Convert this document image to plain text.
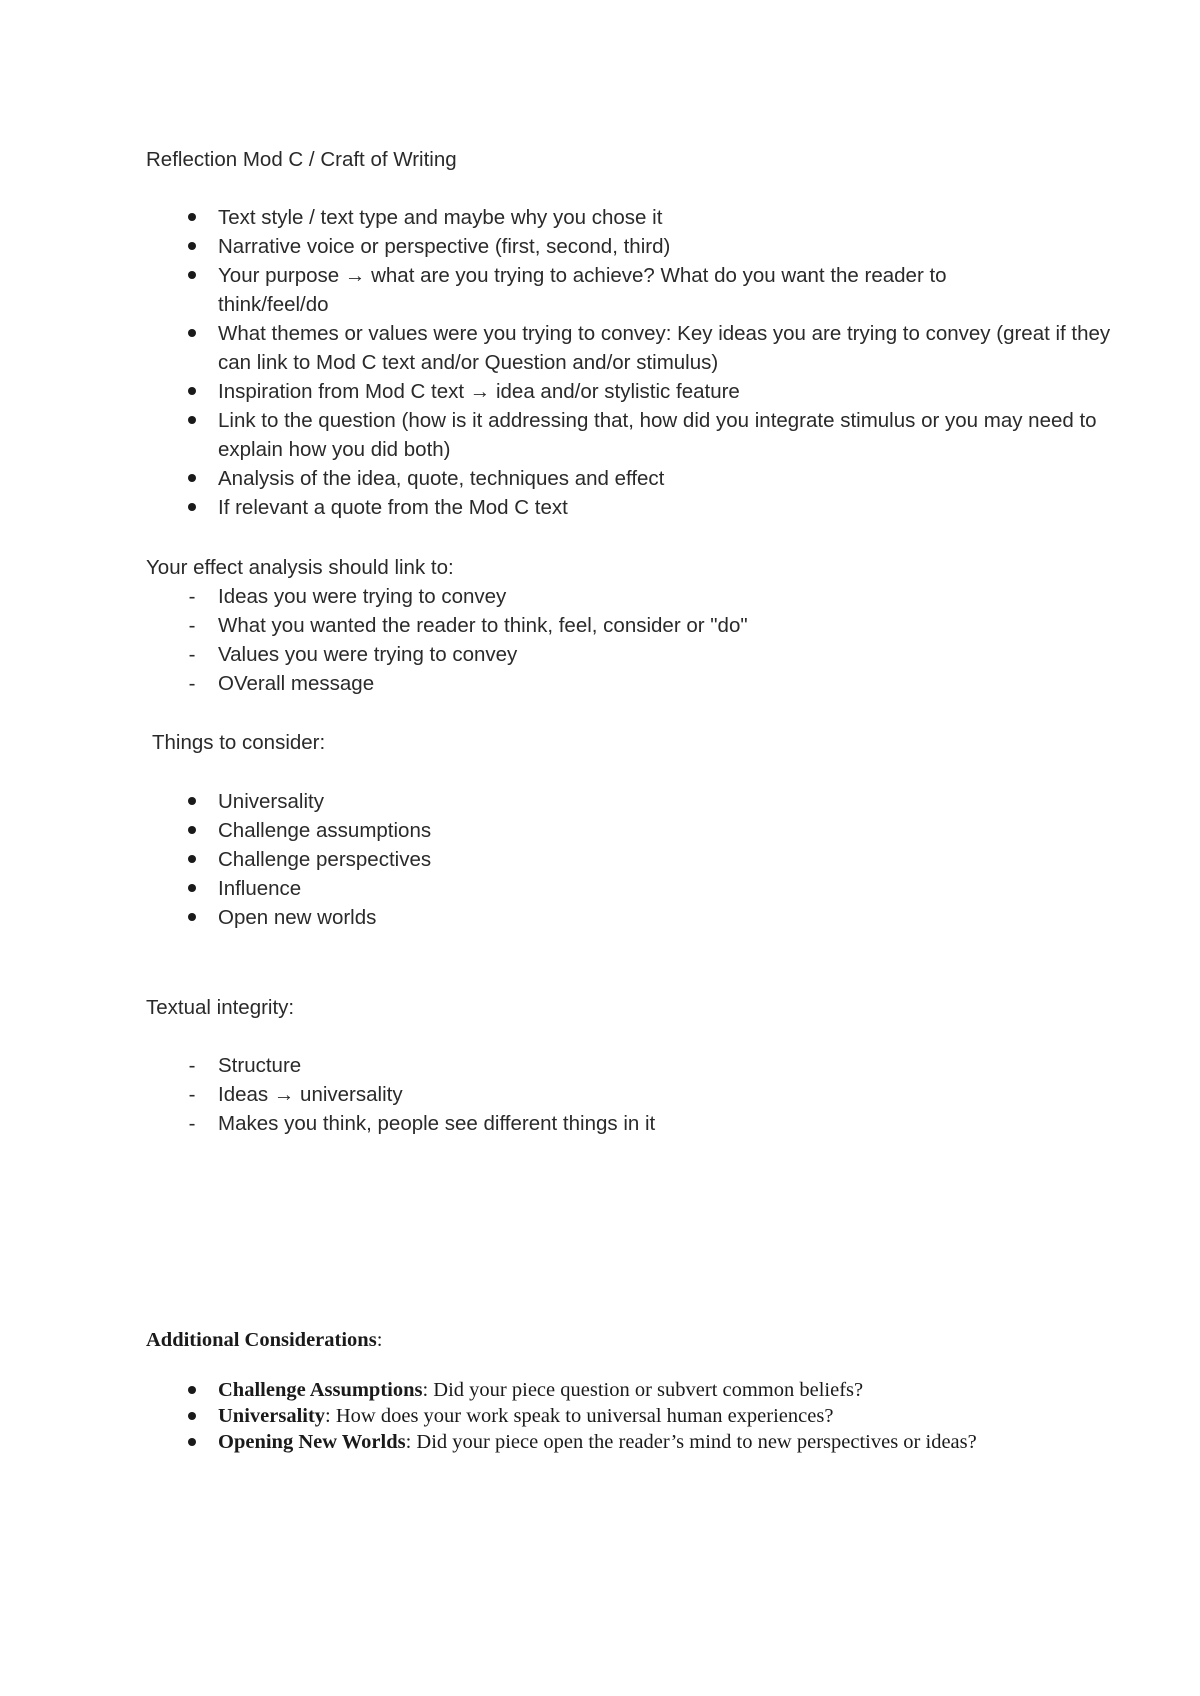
Reflection Mod C / Craft of Writing

Text style / text type and maybe why you chose it
Narrative voice or perspective (first, second, third)
Your purpose → what are you trying to achieve? What do you want the reader to think/feel/do
What themes or values were you trying to convey: Key ideas you are trying to convey (great if they can link to Mod C text and/or Question and/or stimulus)
Inspiration from Mod C text → idea and/or stylistic feature
Link to the question (how is it addressing that, how did you integrate stimulus or you may need to explain how you did both)
Analysis of the idea, quote, techniques and effect
If relevant a quote from the Mod C text

Your effect analysis should link to:

-	Ideas you were trying to convey
-	What you wanted the reader to think, feel, consider or "do"
-	Values you were trying to convey
-	OVerall message

Things to consider:

Universality
Challenge assumptions
Challenge perspectives
Influence
Open new worlds

Textual integrity:

-	Structure
-	Ideas → universality
-	Makes you think, people see different things in it

Additional Considerations:

Challenge Assumptions: Did your piece question or subvert common beliefs?
Universality: How does your work speak to universal human experiences?
Opening New Worlds: Did your piece open the reader’s mind to new perspectives or ideas?
